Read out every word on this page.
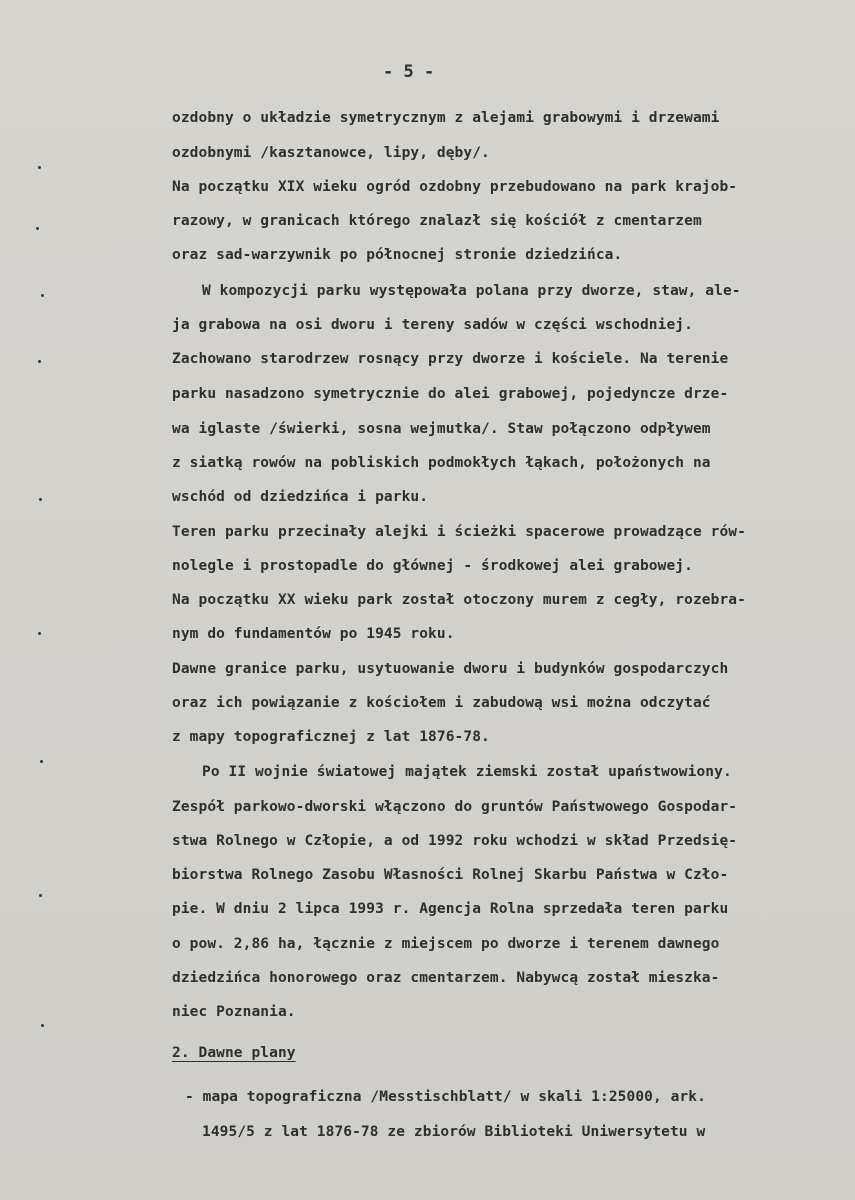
- 5 -
ozdobny o układzie symetrycznym z alejami grabowymi i drzewami
ozdobnymi /kasztanowce, lipy, dęby/.
Na początku XIX wieku ogród ozdobny przebudowano na park krajob-
razowy, w granicach którego znalazł się kościół z cmentarzem
oraz sad-warzywnik po północnej stronie dziedzińca.
W kompozycji parku występowała polana przy dworze, staw, ale-
ja grabowa na osi dworu i tereny sadów w części wschodniej.
Zachowano starodrzew rosnący przy dworze i kościele. Na terenie
parku nasadzono symetrycznie do alei grabowej, pojedyncze drze-
wa iglaste /świerki, sosna wejmutka/. Staw połączono odpływem
z siatką rowów na pobliskich podmokłych łąkach, położonych na
wschód od dziedzińca i parku.
Teren parku przecinały alejki i ścieżki spacerowe prowadzące rów-
nolegle i prostopadle do głównej - środkowej alei grabowej.
Na początku XX wieku park został otoczony murem z cegły, rozebra-
nym do fundamentów po 1945 roku.
Dawne granice parku, usytuowanie dworu i budynków gospodarczych
oraz ich powiązanie z kościołem i zabudową wsi można odczytać
z mapy topograficznej z lat 1876-78.
Po II wojnie światowej majątek ziemski został upaństwowiony.
Zespół parkowo-dworski włączono do gruntów Państwowego Gospodar-
stwa Rolnego w Człopie, a od 1992 roku wchodzi w skład Przedsię-
biorstwa Rolnego Zasobu Własności Rolnej Skarbu Państwa w Czło-
pie. W dniu 2 lipca 1993 r. Agencja Rolna sprzedała teren parku
o pow. 2,86 ha, łącznie z miejscem po dworze i terenem dawnego
dziedzińca honorowego oraz cmentarzem. Nabywcą został mieszka-
niec Poznania.
2. Dawne plany
- mapa topograficzna /Messtischblatt/ w skali 1:25000, ark.
1495/5 z lat 1876-78 ze zbiorów Biblioteki Uniwersytetu w
